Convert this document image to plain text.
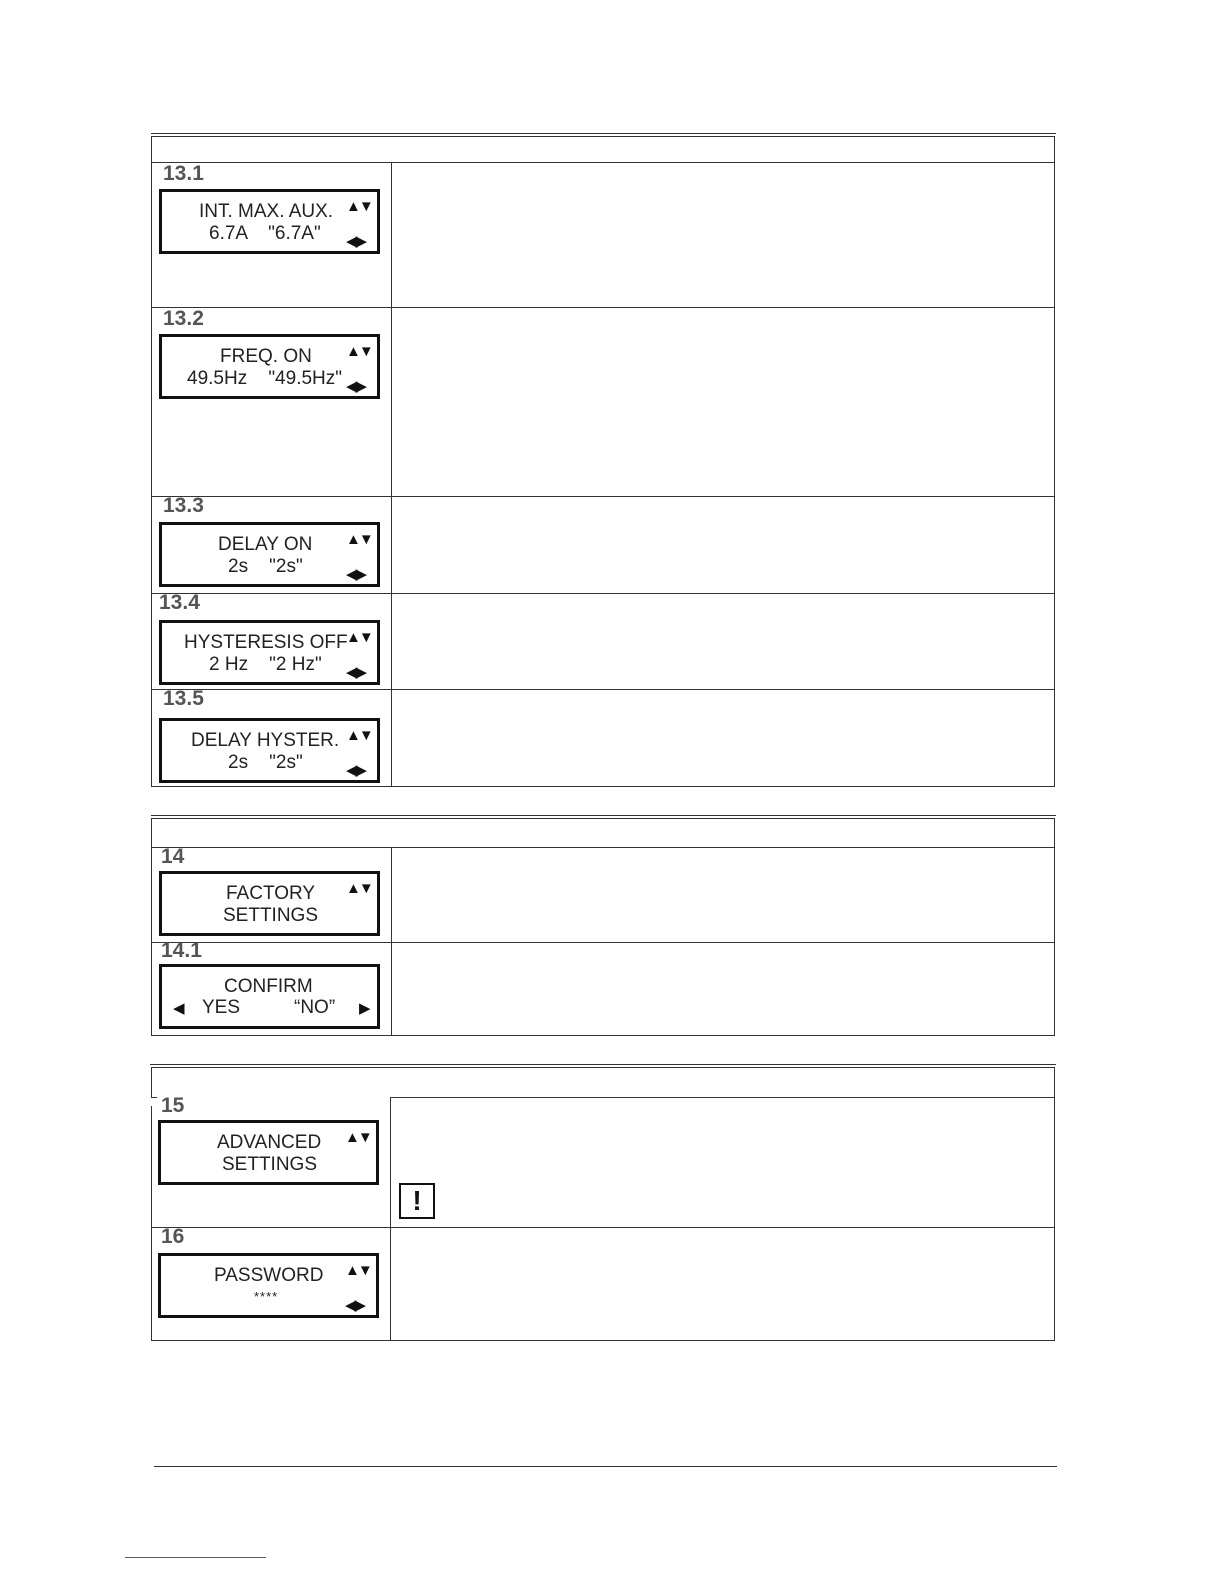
13.1
INT. MAX. AUX.
6.7A    "6.7A"
▲▼
◀▶
13.2
FREQ. ON
49.5Hz    "49.5Hz"
▲▼
◀▶
13.3
DELAY ON
2s    "2s"
▲▼
◀▶
13.4
HYSTERESIS OFF
2 Hz    "2 Hz"
▲▼
◀▶
13.5
DELAY HYSTER.
2s    "2s"
▲▼
◀▶
14
FACTORY
SETTINGS
▲▼
14.1
CONFIRM
◀ YES	“NO” ▶
15
ADVANCED
SETTINGS
▲▼
!
16
PASSWORD
****
▲▼
◀▶
